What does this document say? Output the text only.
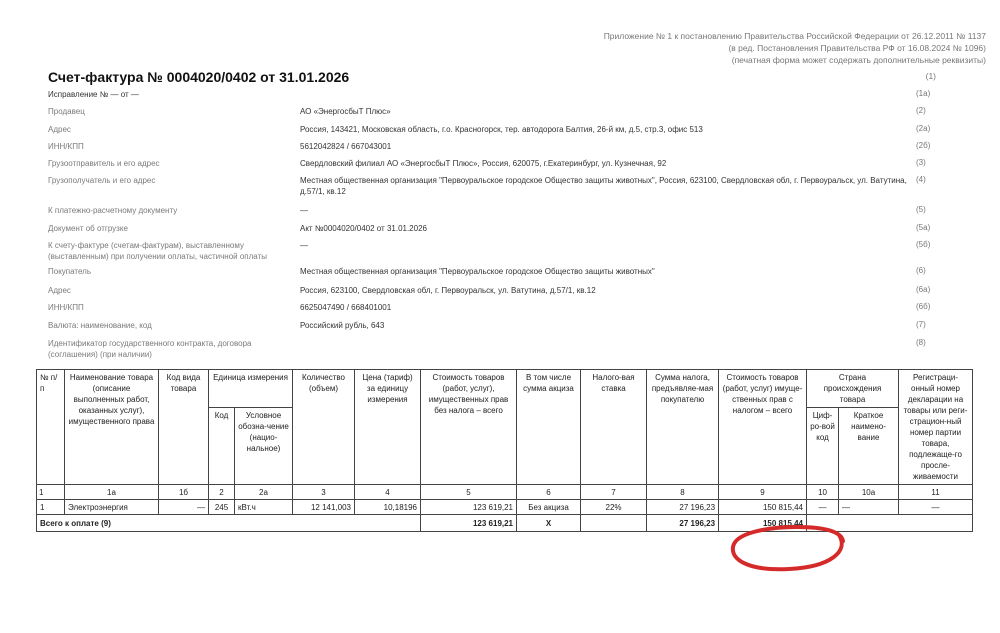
Приложение № 1 к постановлению Правительства Российской Федерации от 26.12.2011 № 1137
(в ред. Постановления Правительства РФ от 16.08.2024 № 1096)
(печатная форма может содержать дополнительные реквизиты)
Счет-фактура № 0004020/0402 от 31.01.2026	(1)
Исправление № — от —	(1а)
Продавец	АО «ЭнергосбыТ Плюс»	(2)
Адрес	Россия, 143421, Московская область, г.о. Красногорск, тер. автодорога Балтия, 26-й км, д.5, стр.3, офис 513	(2а)
ИНН/КПП	5612042824 / 667043001	(2б)
Грузоотправитель и его адрес	Свердловский филиал АО «ЭнергосбыТ Плюс», Россия, 620075, г.Екатеринбург, ул. Кузнечная, 92	(3)
Грузополучатель и его адрес	Местная общественная организация "Первоуральское городское Общество защиты животных", Россия, 623100, Свердловская обл, г. Первоуральск, ул. Ватутина, д.57/1, кв.12
(4)
К платежно-расчетному документу	—	(5)
Документ об отгрузке	Акт №0004020/0402 от 31.01.2026	(5а)
К счету-фактуре (счетам-фактурам), выставленному (выставленным) при получении оплаты, частичной оплаты
—	(5б)
Покупатель	Местная общественная организация "Первоуральское городское Общество защиты животных"	(6)
Адрес	Россия, 623100, Свердловская обл, г. Первоуральск, ул. Ватутина, д.57/1, кв.12	(6а)
ИНН/КПП	6625047490 / 668401001	(6б)
Валюта: наименование, код	Российский рубль, 643	(7)
Идентификатор государственного контракта, договора (соглашения) (при наличии)
(8)
№ п/п	Наименование товара (описание выполненных работ, оказанных услуг), имущественного права	Код вида товара	Единица измерения		Количество (объем)	Цена (тариф) за единицу измерения	Стоимость товаров (работ, услуг), имущественных прав без налога – всего	В том числе сумма акциза	Налого-вая ставка	Сумма налога, предъявляе-мая покупателю	Стоимость товаров (работ, услуг) имуще-ственных прав с налогом – всего	Страна происхождения товара		Регистраци-онный номер декларации на товары или реги- страцион-ный номер партии товара, подлежаще-го просле-живаемости
			Код	Условное обозна-чение (нацио-нальное)								Циф-ро-вой код	Краткое наимено-вание	
1	1а	1б	2	2а	3	4	5	6	7	8	9	10	10а	11
1	Электроэнергия	—	245	кВт.ч	12 141,003	10,18196	123 619,21	Без акциза	22%	27 196,23	150 815,44	—	—	—
Всего к оплате (9)							123 619,21	X		27 196,23	150 815,44			
